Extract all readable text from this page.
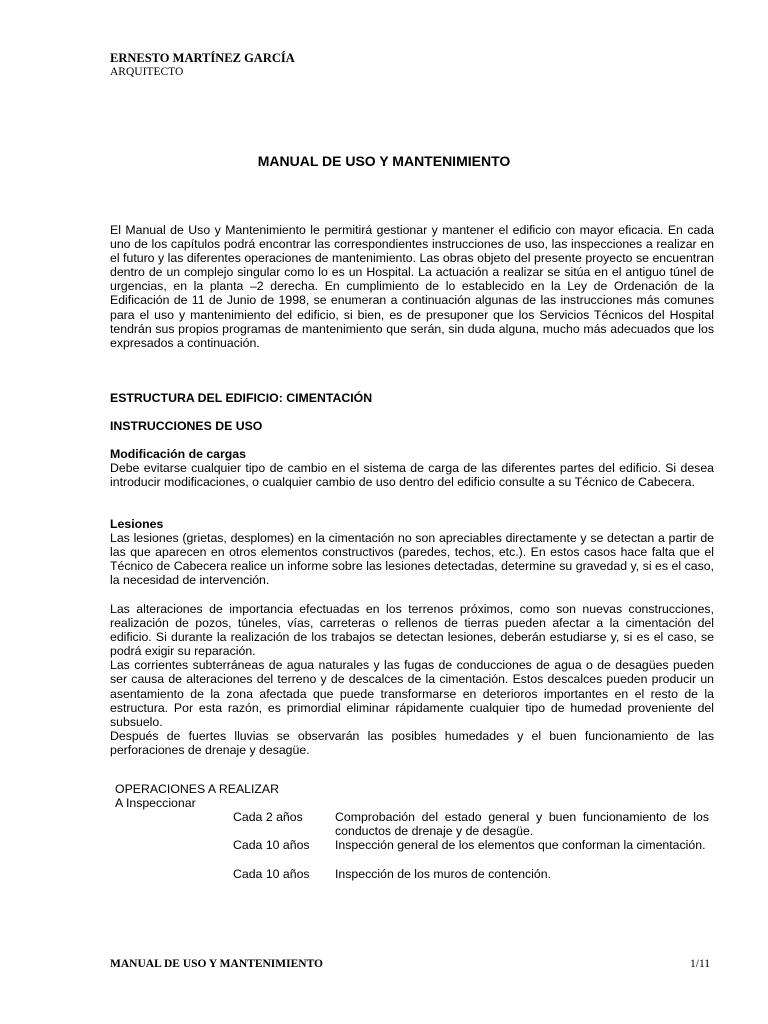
ERNESTO MARTÍNEZ GARCÍA
ARQUITECTO
MANUAL DE USO Y MANTENIMIENTO
El Manual de Uso y Mantenimiento le permitirá gestionar y mantener el edificio con mayor eficacia. En cada uno de los capítulos podrá encontrar las correspondientes instrucciones de uso, las inspecciones a realizar en el futuro y las diferentes operaciones de mantenimiento. Las obras objeto del presente proyecto se encuentran dentro de un complejo singular como lo es un Hospital. La actuación a realizar se sitúa en el antiguo túnel de urgencias, en la planta –2 derecha. En cumplimiento de lo establecido en la Ley de Ordenación de la Edificación de 11 de Junio de 1998, se enumeran a continuación algunas de las instrucciones más comunes para el uso y mantenimiento del edificio, si bien, es de presuponer que los Servicios Técnicos del Hospital tendrán sus propios programas de mantenimiento que serán, sin duda alguna, mucho más adecuados que los expresados a continuación.
ESTRUCTURA DEL EDIFICIO: CIMENTACIÓN
INSTRUCCIONES DE USO
Modificación de cargas
Debe evitarse cualquier tipo de cambio en el sistema de carga de las diferentes partes del edificio. Si desea introducir modificaciones, o cualquier cambio de uso dentro del edificio consulte a su Técnico de Cabecera.
Lesiones
Las lesiones (grietas, desplomes) en la cimentación no son apreciables directamente y se detectan a partir de las que aparecen en otros elementos constructivos (paredes, techos, etc.). En estos casos hace falta que el Técnico de Cabecera realice un informe sobre las lesiones detectadas, determine su gravedad y, si es el caso, la necesidad de intervención.
Las alteraciones de importancia efectuadas en los terrenos próximos, como son nuevas construcciones, realización de pozos, túneles, vías, carreteras o rellenos de tierras pueden afectar a la cimentación del edificio. Si durante la realización de los trabajos se detectan lesiones, deberán estudiarse y, si es el caso, se podrá exigir su reparación.
Las corrientes subterráneas de agua naturales y las fugas de conducciones de agua o de desagües pueden ser causa de alteraciones del terreno y de descalces de la cimentación. Estos descalces pueden producir un asentamiento de la zona afectada que puede transformarse en deterioros importantes en el resto de la estructura. Por esta razón, es primordial eliminar rápidamente cualquier tipo de humedad proveniente del subsuelo.
Después de fuertes lluvias se observarán las posibles humedades y el buen funcionamiento de las perforaciones de drenaje y desagüe.
OPERACIONES A REALIZAR
A Inspeccionar
Cada 2 años	Comprobación del estado general y buen funcionamiento de los conductos de drenaje y de desagüe.
Cada 10 años Inspección general de los elementos que conforman la cimentación.
Cada 10 años Inspección de los muros de contención.
MANUAL DE USO Y MANTENIMIENTO	1/11
